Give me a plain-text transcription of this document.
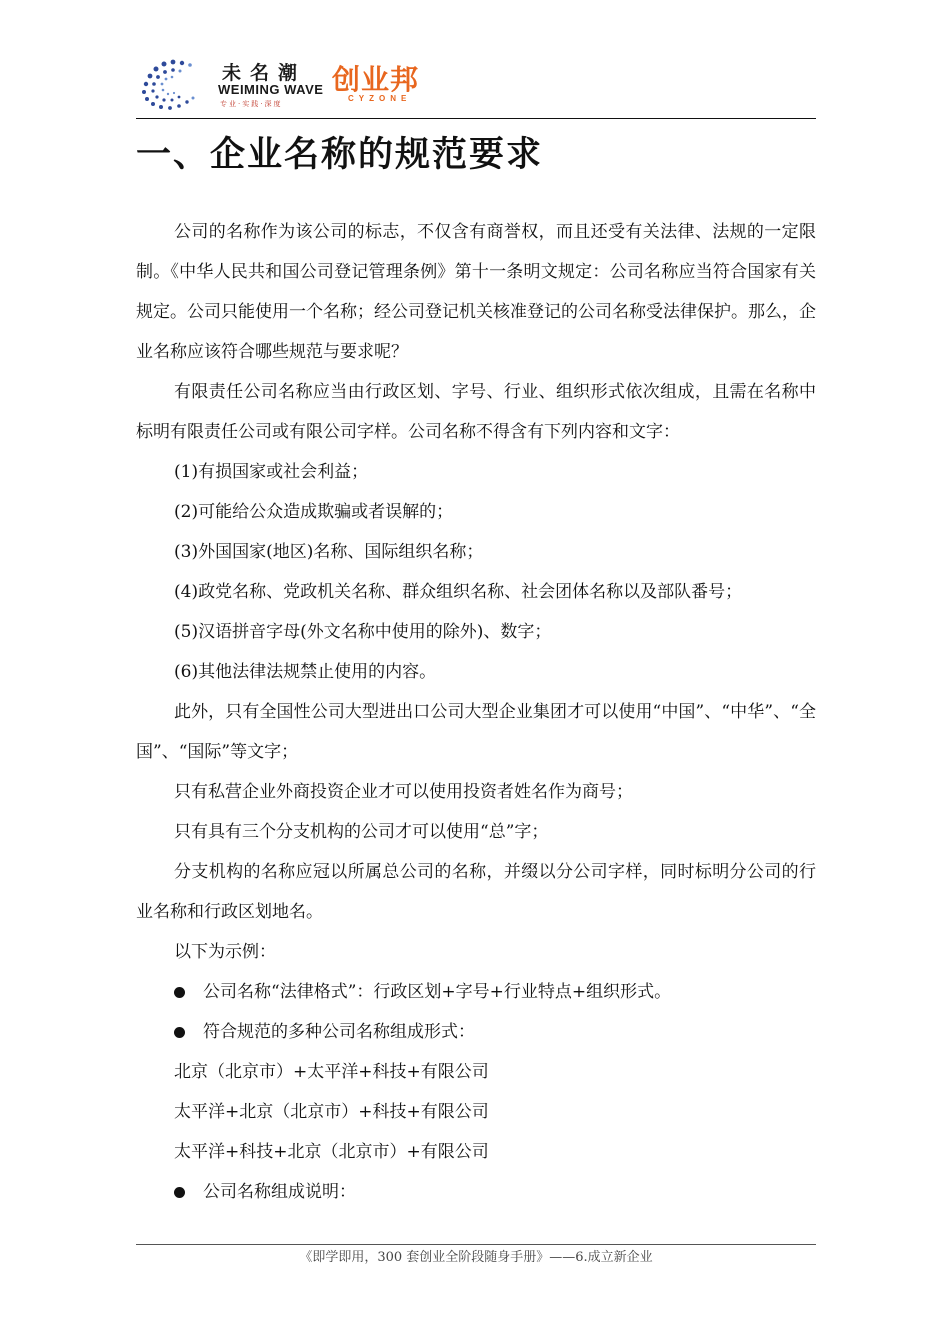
未名潮
WEIMING WAVE
专业·实践·深度
创业邦
CYZONE
一、企业名称的规范要求

公司的名称作为该公司的标志，不仅含有商誉权，而且还受有关法律、法规的一定限制。《中华人民共和国公司登记管理条例》第十一条明文规定：公司名称应当符合国家有关规定。公司只能使用一个名称；经公司登记机关核准登记的公司名称受法律保护。那么，企业名称应该符合哪些规范与要求呢？

有限责任公司名称应当由行政区划、字号、行业、组织形式依次组成，且需在名称中标明有限责任公司或有限公司字样。公司名称不得含有下列内容和文字：

(1)有损国家或社会利益；

(2)可能给公众造成欺骗或者误解的；

(3)外国国家(地区)名称、国际组织名称；

(4)政党名称、党政机关名称、群众组织名称、社会团体名称以及部队番号；

(5)汉语拼音字母(外文名称中使用的除外)、数字；

(6)其他法律法规禁止使用的内容。

此外，只有全国性公司大型进出口公司大型企业集团才可以使用“中国”、“中华”、“全国”、“国际”等文字；

只有私营企业外商投资企业才可以使用投资者姓名作为商号；

只有具有三个分支机构的公司才可以使用“总”字；

分支机构的名称应冠以所属总公司的名称，并缀以分公司字样，同时标明分公司的行业名称和行政区划地名。

以下为示例：

公司名称“法律格式”：行政区划+字号+行业特点+组织形式。

符合规范的多种公司名称组成形式：

北京（北京市）+太平洋+科技+有限公司

太平洋+北京（北京市）+科技+有限公司

太平洋+科技+北京（北京市）+有限公司

公司名称组成说明：

《即学即用，300 套创业全阶段随身手册》——6.成立新企业
